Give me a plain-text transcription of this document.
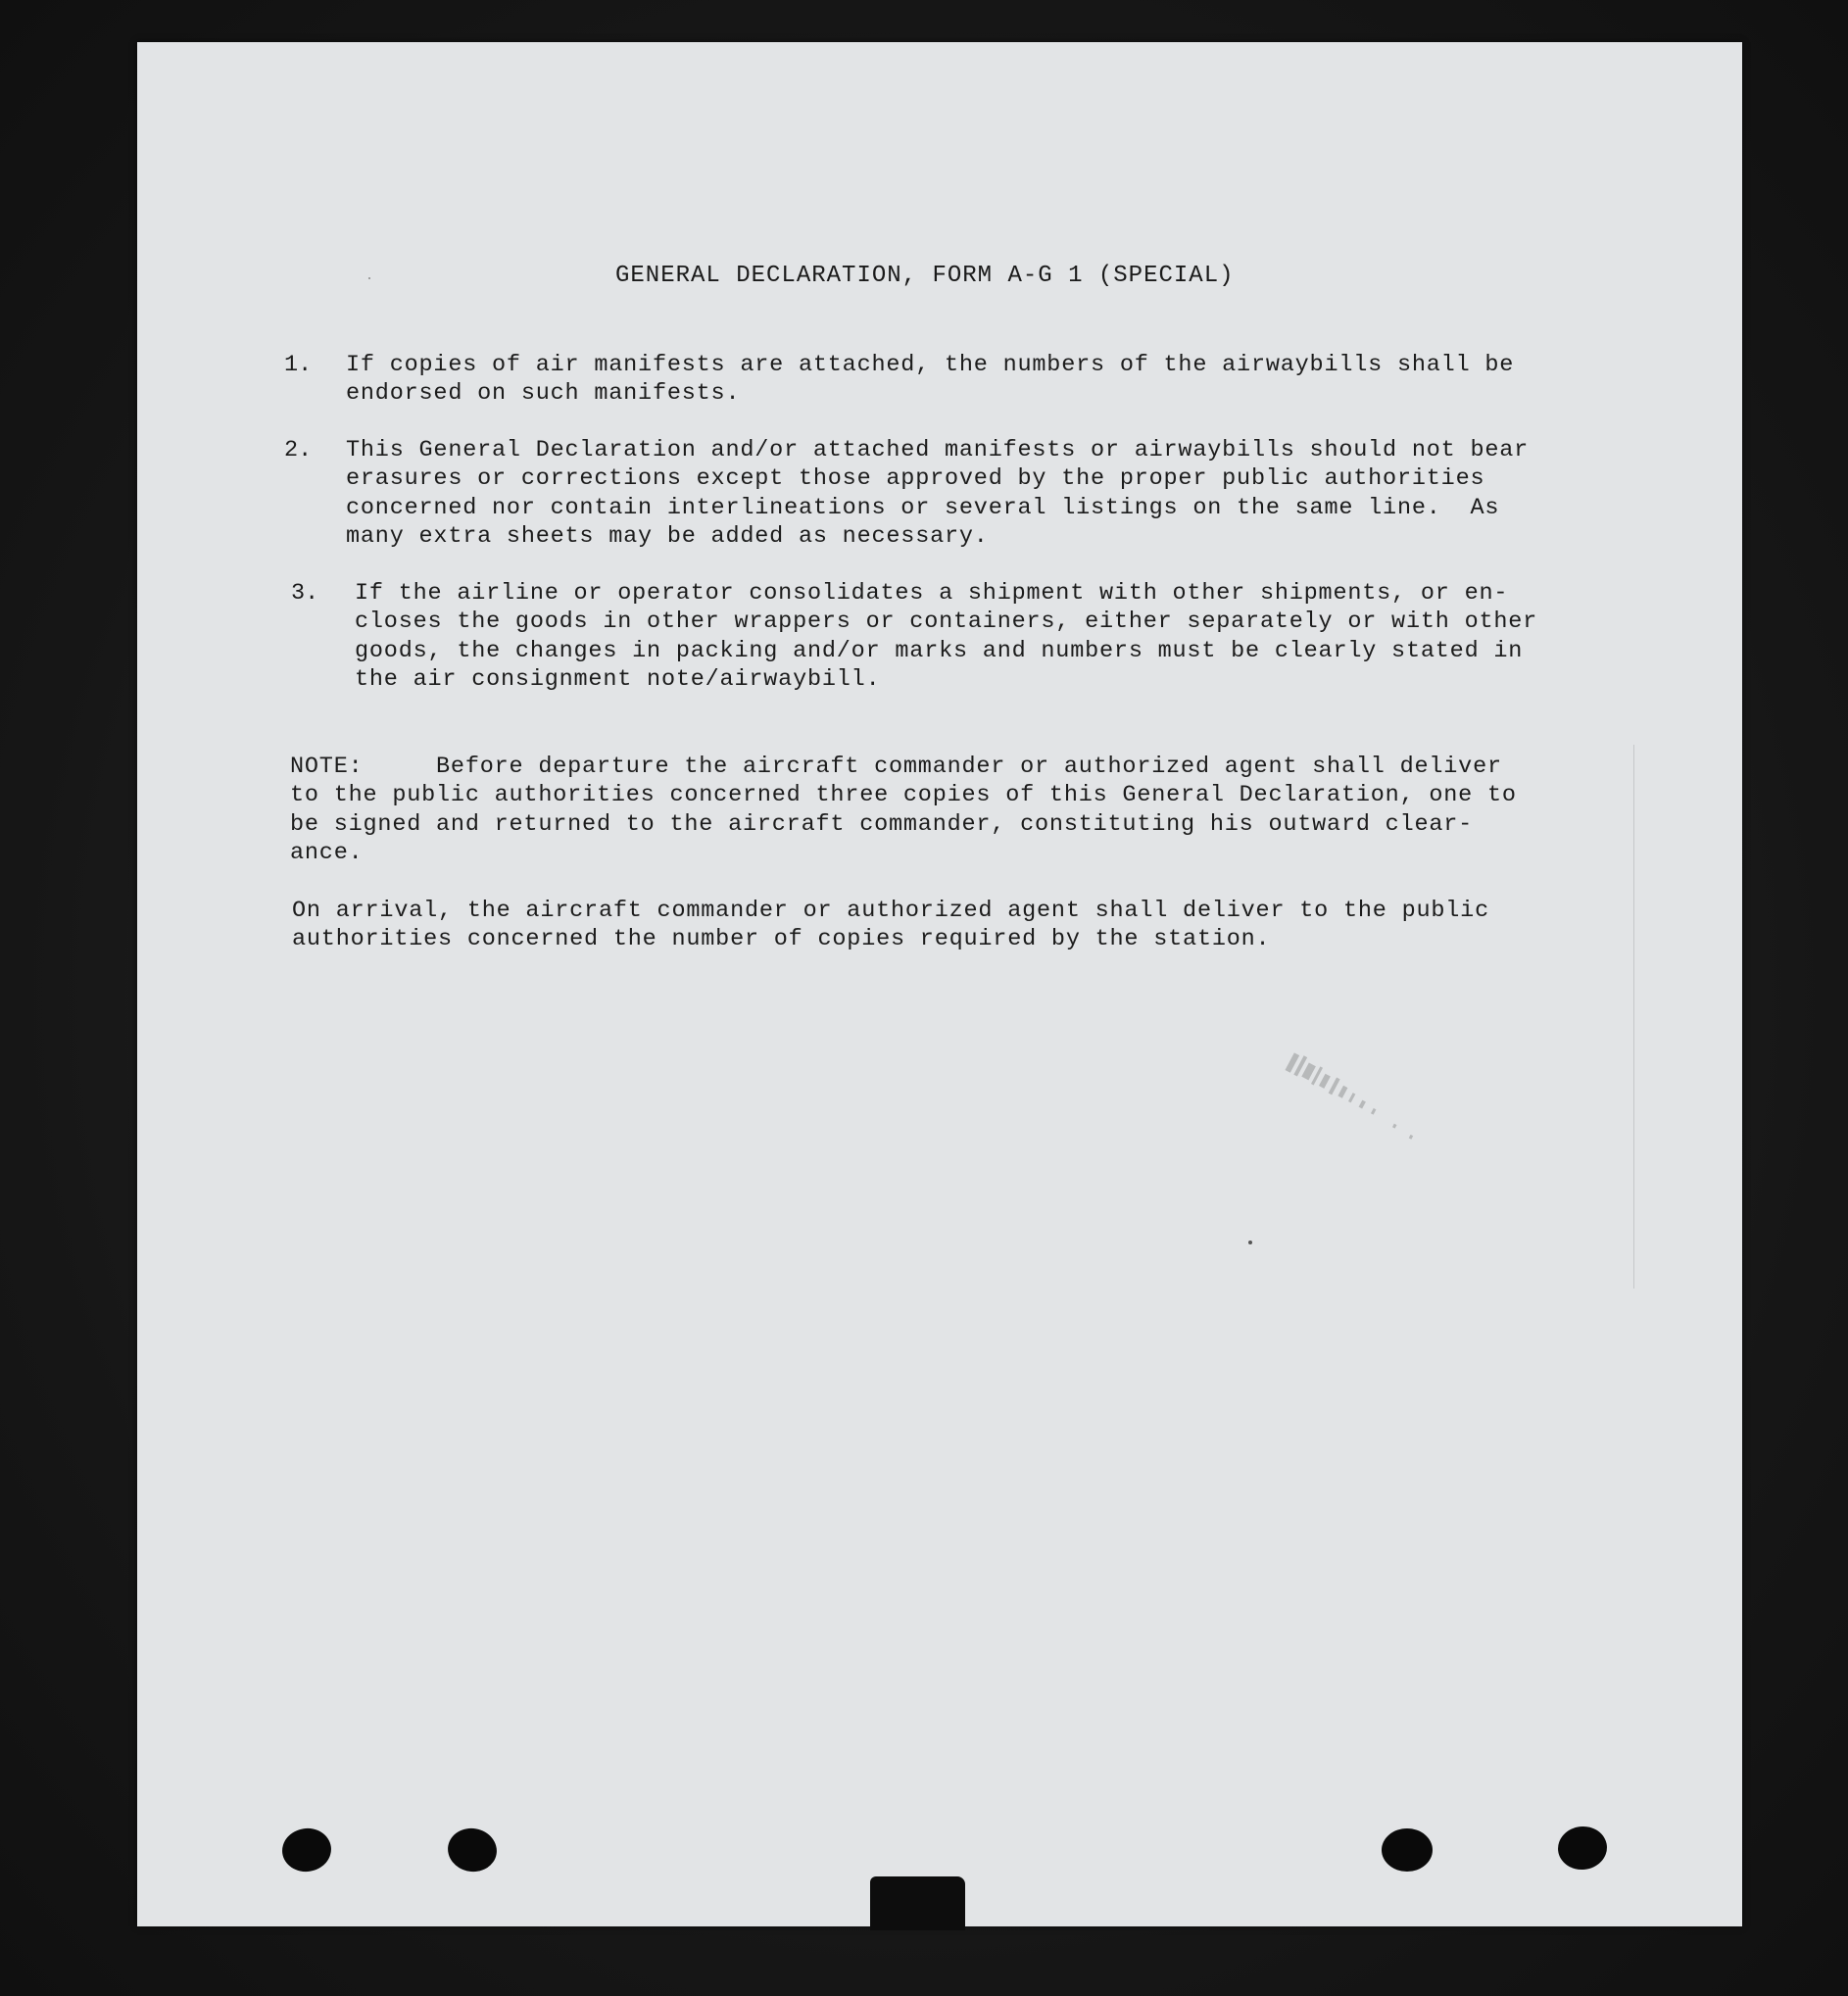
GENERAL DECLARATION, FORM A-G 1 (SPECIAL)
1. If copies of air manifests are attached, the numbers of the airwaybills shall be
endorsed on such manifests.
2. This General Declaration and/or attached manifests or airwaybills should not bear
erasures or corrections except those approved by the proper public authorities
concerned nor contain interlineations or several listings on the same line.  As
many extra sheets may be added as necessary.
3. If the airline or operator consolidates a shipment with other shipments, or en-
closes the goods in other wrappers or containers, either separately or with other
goods, the changes in packing and/or marks and numbers must be clearly stated in
the air consignment note/airwaybill.
NOTE:     Before departure the aircraft commander or authorized agent shall deliver
to the public authorities concerned three copies of this General Declaration, one to
be signed and returned to the aircraft commander, constituting his outward clear-
ance.
On arrival, the aircraft commander or authorized agent shall deliver to the public
authorities concerned the number of copies required by the station.
